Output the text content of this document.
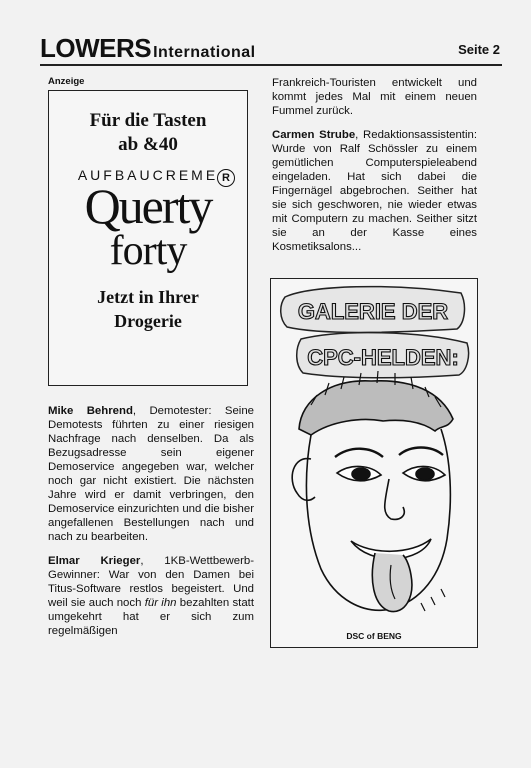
LOWERS International	Seite 2
Anzeige
Für die Tasten
ab &40
AUFBAUCREME
Querty
forty
R
Jetzt in Ihrer
Drogerie

Mike Behrend, Demotester: Seine Demotests führten zu einer riesigen Nachfrage nach denselben. Da als Bezugsadresse sein eigener Demoservice angegeben war, welcher noch gar nicht existiert. Die nächsten Jahre wird er damit verbringen, den Demoservice einzurichten und die bisher angefallenen Bestellungen nach und nach zu bearbeiten.

Elmar Krieger, 1KB-Wettbewerb-Gewinner: War von den Damen bei Titus-Software restlos begeistert. Und weil sie auch noch für ihn bezahlten statt umgekehrt hat er sich zum regelmäßigen

Frankreich-Touristen entwickelt und kommt jedes Mal mit einem neuen Fummel zurück.

Carmen Strube, Redaktionsassistentin: Wurde von Ralf Schössler zu einem gemütlichen Computerspieleabend eingeladen. Hat sich dabei die Fingernägel abgebrochen. Seither hat sie sich geschworen, nie wieder etwas mit Computern zu machen. Seither sitzt sie an der Kasse eines Kosmetiksalons...

GALERIE DER
CPC-HELDEN:
DSC of BENG
